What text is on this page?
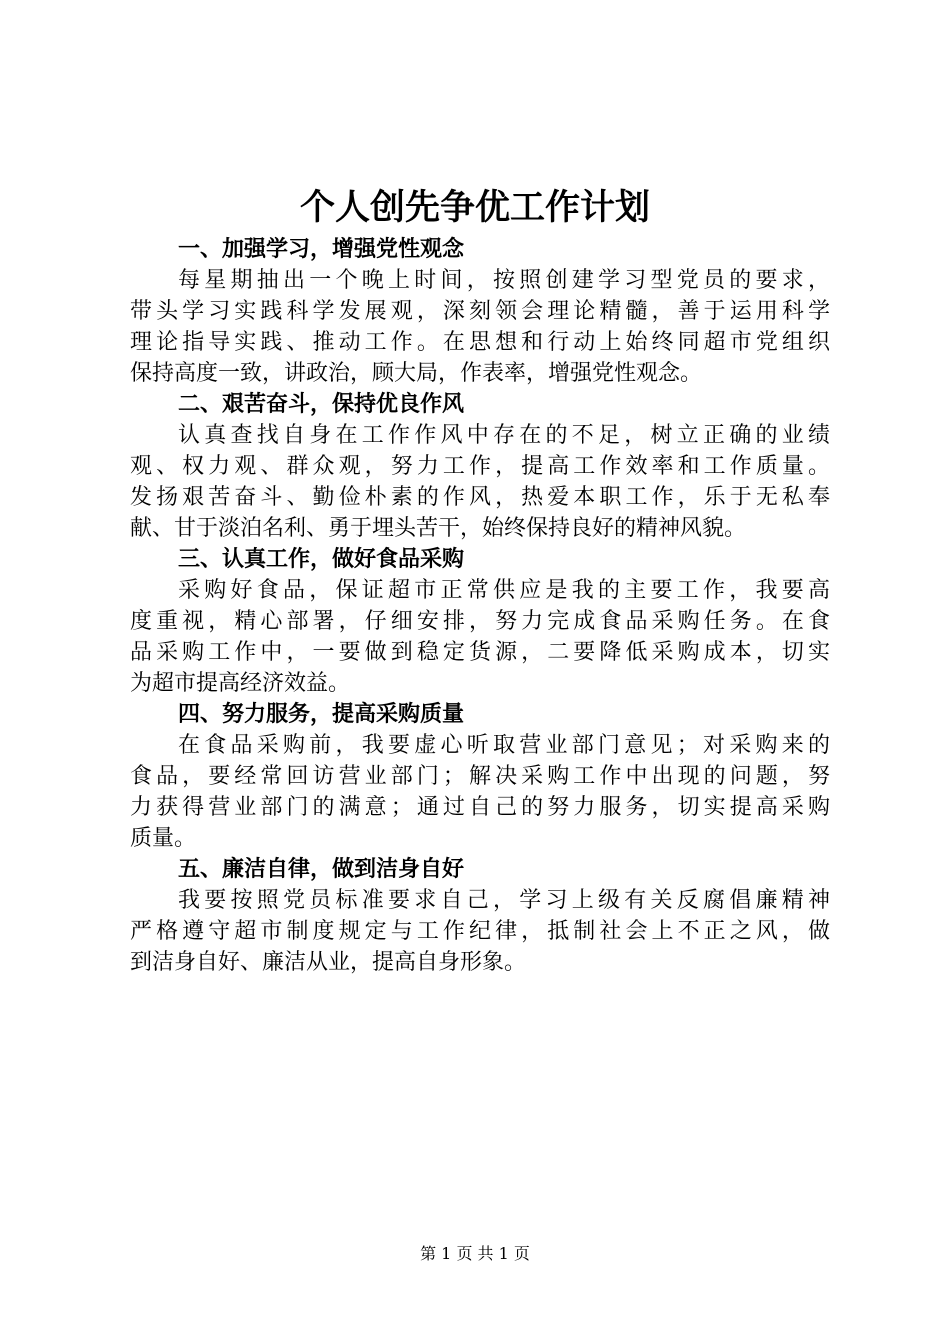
个人创先争优工作计划
一、加强学习，增强党性观念

每星期抽出一个晚上时间，按照创建学习型党员的要求，
带头学习实践科学发展观，深刻领会理论精髓，善于运用科学
理论指导实践、推动工作。在思想和行动上始终同超市党组织
保持高度一致，讲政治，顾大局，作表率，增强党性观念。

二、艰苦奋斗，保持优良作风

认真查找自身在工作作风中存在的不足，树立正确的业绩
观、权力观、群众观，努力工作，提高工作效率和工作质量。
发扬艰苦奋斗、勤俭朴素的作风，热爱本职工作，乐于无私奉
献、甘于淡泊名利、勇于埋头苦干，始终保持良好的精神风貌。

三、认真工作，做好食品采购

采购好食品，保证超市正常供应是我的主要工作，我要高
度重视，精心部署，仔细安排，努力完成食品采购任务。在食
品采购工作中，一要做到稳定货源，二要降低采购成本，切实
为超市提高经济效益。

四、努力服务，提高采购质量

在食品采购前，我要虚心听取营业部门意见；对采购来的
食品，要经常回访营业部门；解决采购工作中出现的问题，努
力获得营业部门的满意；通过自己的努力服务，切实提高采购
质量。

五、廉洁自律，做到洁身自好

我要按照党员标准要求自己，学习上级有关反腐倡廉精神
严格遵守超市制度规定与工作纪律，抵制社会上不正之风，做
到洁身自好、廉洁从业，提高自身形象。

第 1 页 共 1 页
